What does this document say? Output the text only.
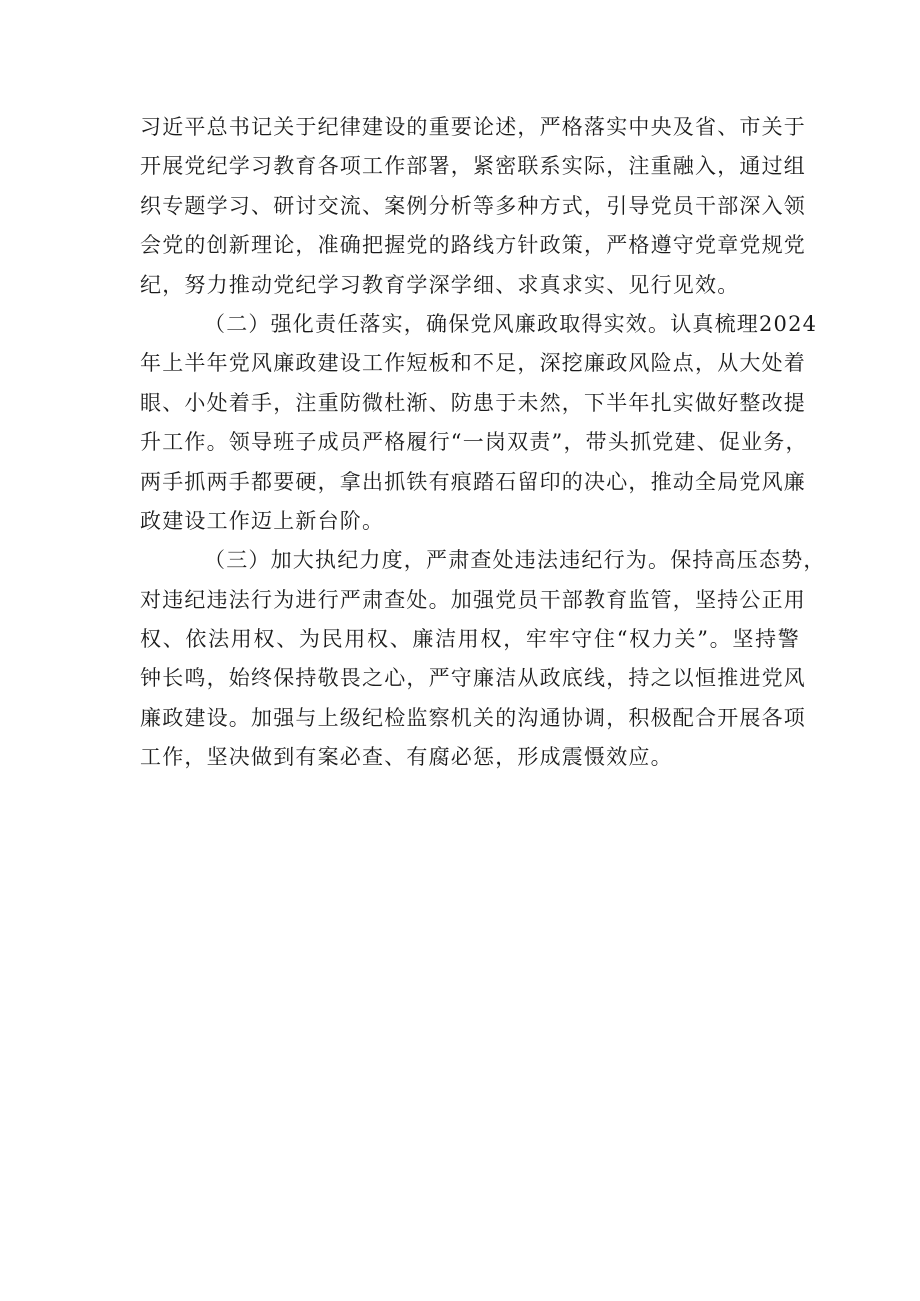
习近平总书记关于纪律建设的重要论述，严格落实中央及省、市关于
开展党纪学习教育各项工作部署，紧密联系实际，注重融入，通过组
织专题学习、研讨交流、案例分析等多种方式，引导党员干部深入领
会党的创新理论，准确把握党的路线方针政策，严格遵守党章党规党
纪，努力推动党纪学习教育学深学细、求真求实、见行见效。

（二）强化责任落实，确保党风廉政取得实效。认真梳理2024
年上半年党风廉政建设工作短板和不足，深挖廉政风险点，从大处着
眼、小处着手，注重防微杜渐、防患于未然，下半年扎实做好整改提
升工作。领导班子成员严格履行“一岗双责”，带头抓党建、促业务，
两手抓两手都要硬，拿出抓铁有痕踏石留印的决心，推动全局党风廉
政建设工作迈上新台阶。

（三）加大执纪力度，严肃查处违法违纪行为。保持高压态势，
对违纪违法行为进行严肃查处。加强党员干部教育监管，坚持公正用
权、依法用权、为民用权、廉洁用权，牢牢守住“权力关”。坚持警
钟长鸣，始终保持敬畏之心，严守廉洁从政底线，持之以恒推进党风
廉政建设。加强与上级纪检监察机关的沟通协调，积极配合开展各项
工作，坚决做到有案必查、有腐必惩，形成震慑效应。
